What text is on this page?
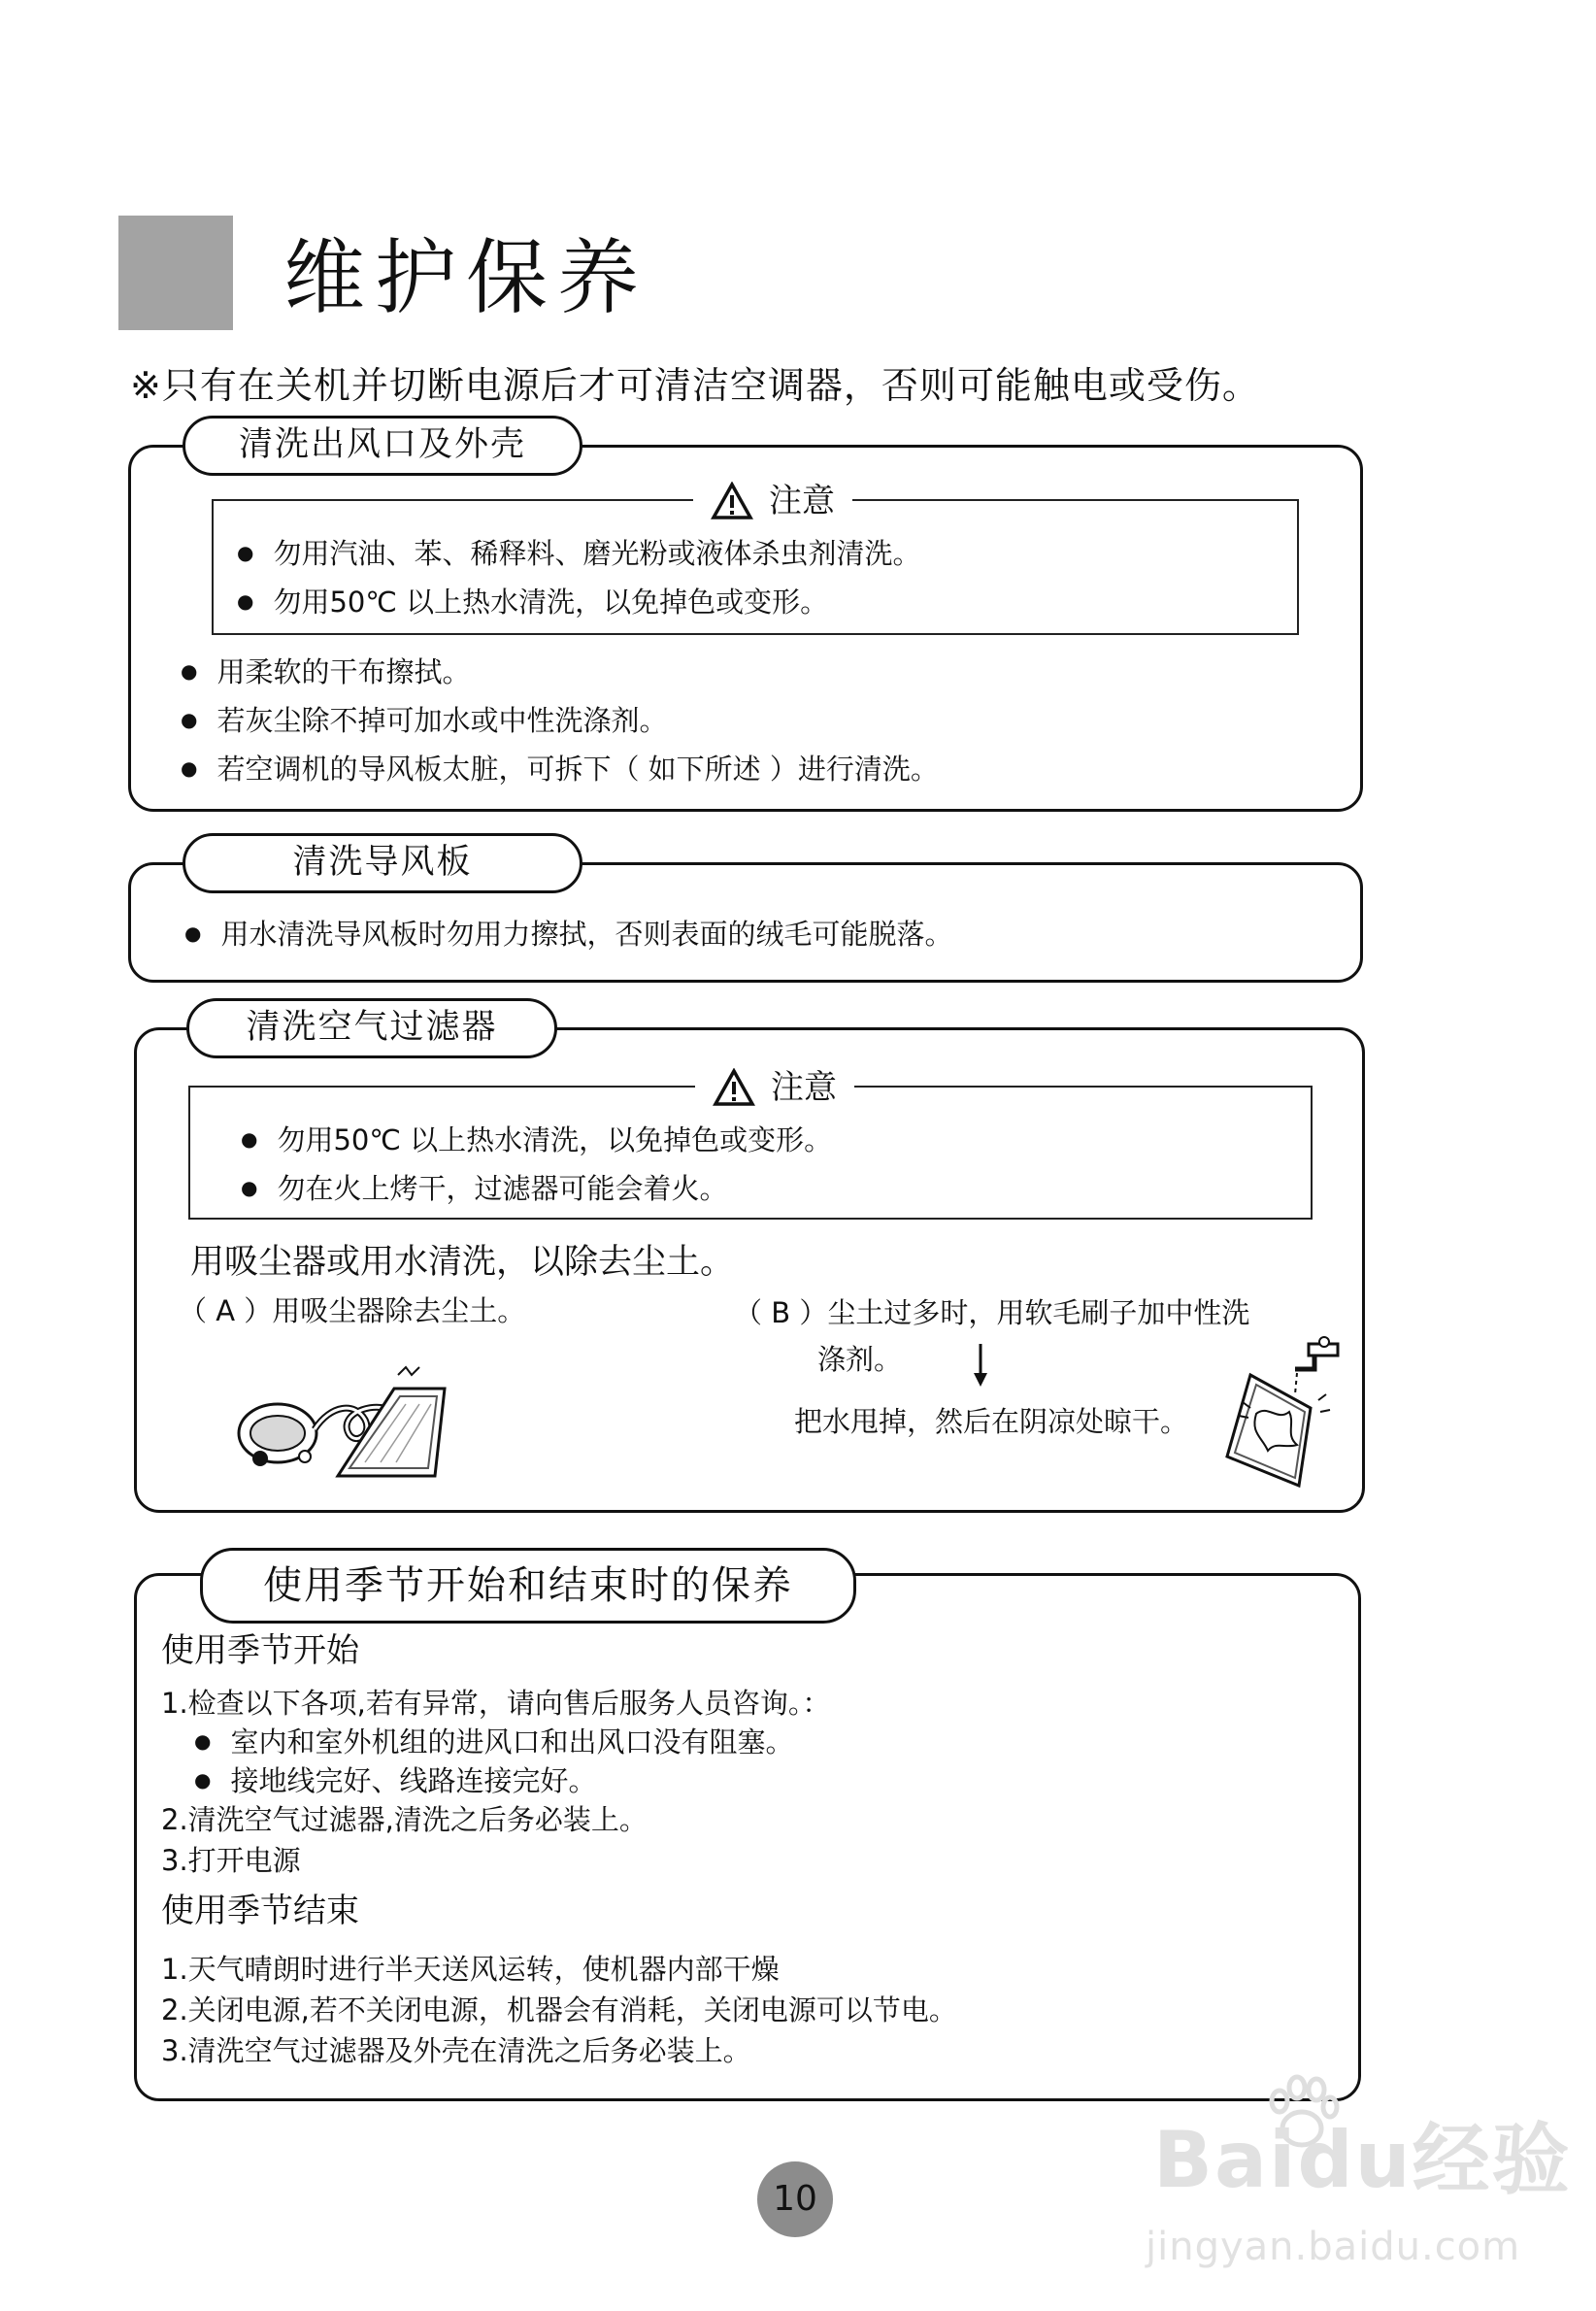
维护保养
※只有在关机并切断电源后才可清洁空调器，否则可能触电或受伤。
清洗出风口及外壳
注意
● 勿用汽油、苯、稀释料、磨光粉或液体杀虫剂清洗。
● 勿用50℃ 以上热水清洗，以免掉色或变形。
● 用柔软的干布擦拭。
● 若灰尘除不掉可加水或中性洗涤剂。
● 若空调机的导风板太脏，可拆下（ 如下所述 ）进行清洗。
清洗导风板
● 用水清洗导风板时勿用力擦拭，否则表面的绒毛可能脱落。
清洗空气过滤器
注意
● 勿用50℃ 以上热水清洗，以免掉色或变形。
● 勿在火上烤干，过滤器可能会着火。
用吸尘器或用水清洗，以除去尘土。
（ A ）用吸尘器除去尘土。	（ B ）尘土过多时，用软毛刷子加中性洗
涤剂。
把水甩掉，然后在阴凉处晾干。
使用季节开始和结束时的保养
使用季节开始
1.检查以下各项,若有异常，请向售后服务人员咨询。：
● 室内和室外机组的进风口和出风口没有阻塞。
● 接地线完好、线路连接完好。
2.清洗空气过滤器,清洗之后务必装上。
3.打开电源
使用季节结束
1.天气晴朗时进行半天送风运转，使机器内部干燥
2.关闭电源,若不关闭电源，机器会有消耗，关闭电源可以节电。
3.清洗空气过滤器及外壳在清洗之后务必装上。
10	Baidu经验
jingyan.baidu.com
